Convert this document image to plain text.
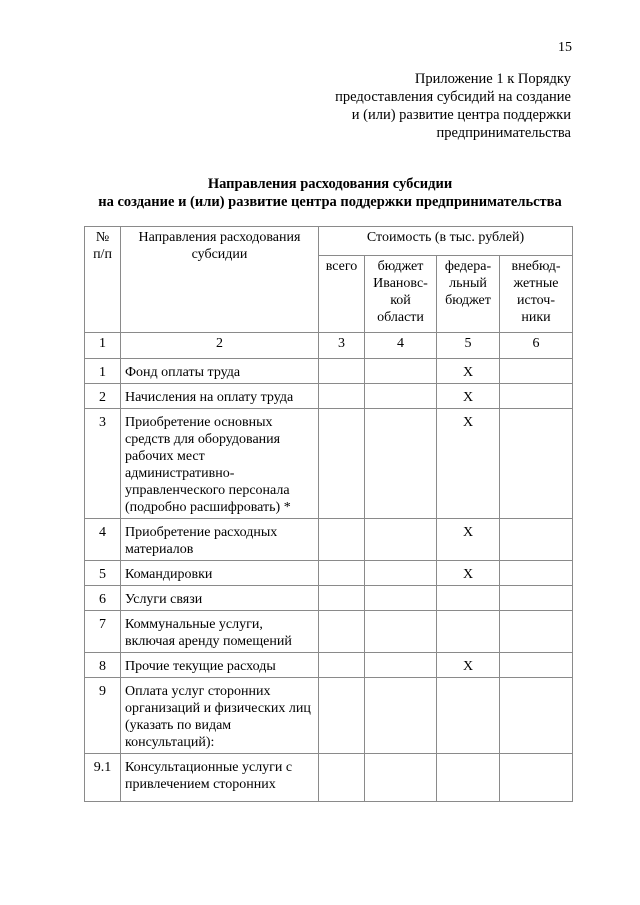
15
Приложение 1 к Порядку
предоставления субсидий на создание
и (или) развитие центра поддержки
предпринимательства
Направления расходования субсидии
на создание и (или) развитие центра поддержки предпринимательства
№ п/п	Направления расходования субсидии	Стоимость (в тыс. рублей)			
		всего	бюджет Ивановс- кой области	федера- льный бюджет	внебюд- жетные источ- ники
1	2	3	4	5	6
1	Фонд оплаты труда			X	
2	Начисления на оплату труда			X	
3	Приобретение основных средств для оборудования рабочих мест административно-управленческого персонала (подробно расшифровать) *			X	
4	Приобретение расходных материалов			X	
5	Командировки			X	
6	Услуги связи				
7	Коммунальные услуги, включая аренду помещений				
8	Прочие текущие расходы			X	
9	Оплата услуг сторонних организаций и физических лиц (указать по видам консультаций):				
9.1	Консультационные услуги с привлечением сторонних				
